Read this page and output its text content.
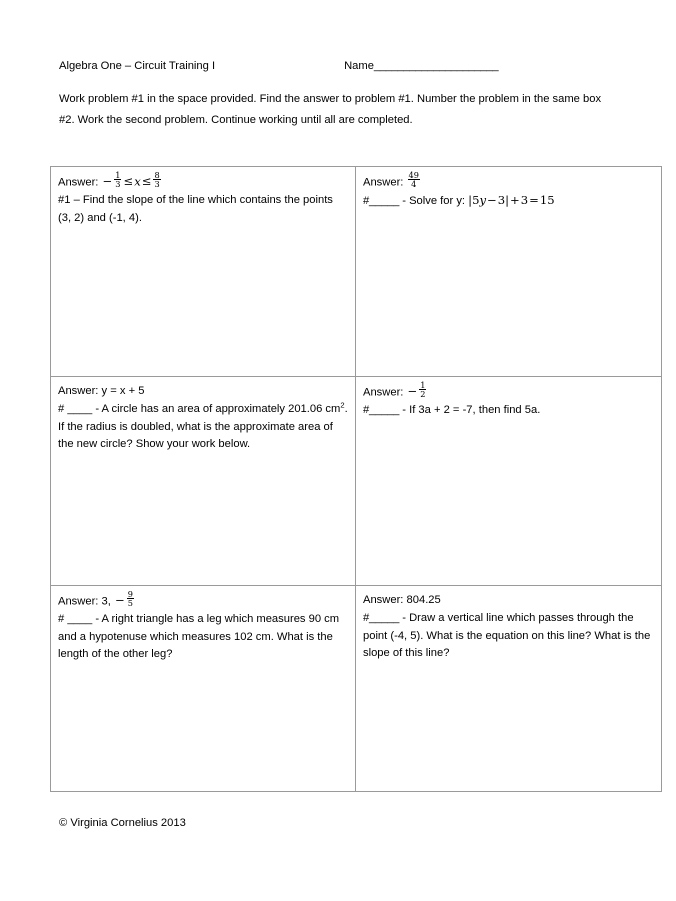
Algebra One – Circuit Training I	Name_____________________
Work problem #1 in the space provided. Find the answer to problem #1. Number the problem in the same box #2. Work the second problem. Continue working until all are completed.
Answer: − $\frac{1}{3} \le x\le \frac{8}{3}$
#1 – Find the slope of the line which contains the points (3, 2) and (-1, 4).

Answer: $\frac{49}{4}$
#_____ - Solve for y: |5y−3|+3=15

Answer: y = x + 5
# ____ - A circle has an area of approximately 201.06 $cm^2$. If the radius is doubled, what is the approximate area of the new circle? Show your work below.

Answer: − $\frac{1}{2}$
#_____ - If 3a + 2 = -7, then find 5a.

Answer: 3, − $\frac{9}{5}$
# ____ - A right triangle has a leg which measures 90 cm and a hypotenuse which measures 102 cm. What is the length of the other leg?

Answer: 804.25
#_____ - Draw a vertical line which passes through the point (-4, 5). What is the equation on this line? What is the slope of this line?
© Virginia Cornelius 2013
